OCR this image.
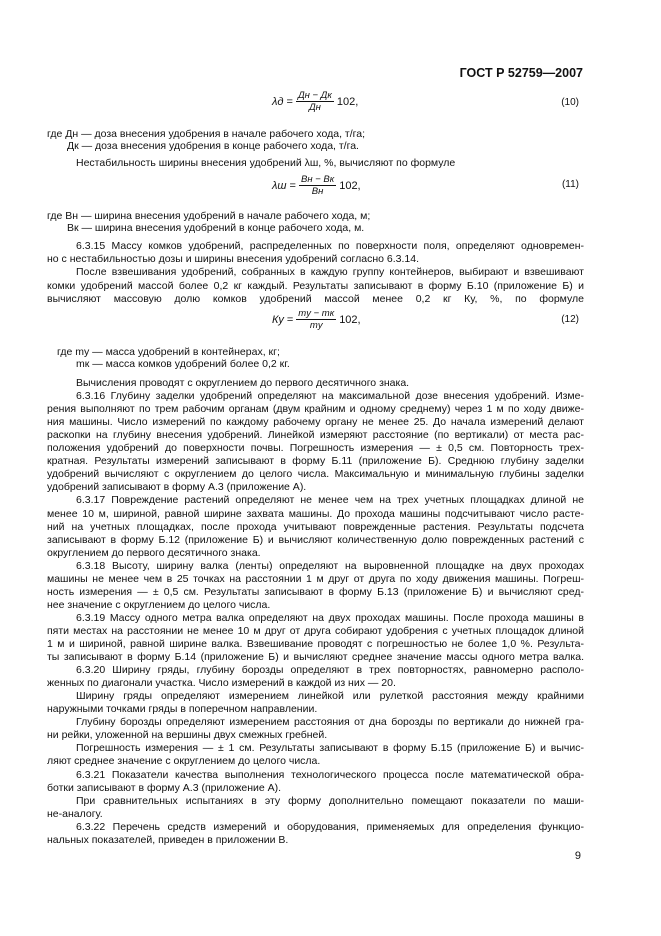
ГОСТ Р 52759—2007
$\lambda д = \frac{Дн - Дк}{Дн} 102$,	(10)
где Дн — доза внесения удобрения в начале рабочего хода, т/га;
Дк — доза внесения удобрения в конце рабочего хода, т/га.
Нестабильность ширины внесения удобрений λш, %, вычисляют по формуле
$\lambda ш = \frac{Вн - Вк}{Вн} 102$,	(11)
где Вн — ширина внесения удобрений в начале рабочего хода, м;
Вк — ширина внесения удобрений в конце рабочего хода, м.
6.3.15 Массу комков удобрений, распределенных по поверхности поля, определяют одновремен-
но с нестабильностью дозы и ширины внесения удобрений согласно 6.3.14.
После взвешивания удобрений, собранных в каждую группу контейнеров, выбирают и взвешивают
комки удобрений массой более 0,2 кг каждый. Результаты записывают в форму Б.10 (приложение Б) и
вычисляют массовую долю комков удобрений массой менее 0,2 кг Ку, %, по формуле
Ку = $\frac{mу - mк}{mу} 102$,	(12)
где mу — масса удобрений в контейнерах, кг;
mк — масса комков удобрений более 0,2 кг.
Вычисления проводят с округлением до первого десятичного знака.
6.3.16 Глубину заделки удобрений определяют на максимальной дозе внесения удобрений. Изме-
рения выполняют по трем рабочим органам (двум крайним и одному среднему) через 1 м по ходу движе-
ния машины. Число измерений по каждому рабочему органу не менее 25. До начала измерений делают
раскопки на глубину внесения удобрений. Линейкой измеряют расстояние (по вертикали) от места рас-
положения удобрений до поверхности почвы. Погрешность измерения — ± 0,5 см. Повторность трех-
кратная. Результаты измерений записывают в форму Б.11 (приложение Б). Среднюю глубину заделки
удобрений вычисляют с округлением до целого числа. Максимальную и минимальную глубины заделки
удобрений записывают в форму А.3 (приложение А).
6.3.17 Повреждение растений определяют не менее чем на трех учетных площадках длиной не
менее 10 м, шириной, равной ширине захвата машины. До прохода машины подсчитывают число расте-
ний на учетных площадках, после прохода учитывают поврежденные растения. Результаты подсчета
записывают в форму Б.12 (приложение Б) и вычисляют количественную долю поврежденных растений с
округлением до первого десятичного знака.
6.3.18 Высоту, ширину валка (ленты) определяют на выровненной площадке на двух проходах
машины не менее чем в 25 точках на расстоянии 1 м друг от друга по ходу движения машины. Погреш-
ность измерения — ± 0,5 см. Результаты записывают в форму Б.13 (приложение Б) и вычисляют сред-
нее значение с округлением до целого числа.
6.3.19 Массу одного метра валка определяют на двух проходах машины. После прохода машины в
пяти местах на расстоянии не менее 10 м друг от друга собирают удобрения с учетных площадок длиной
1 м и шириной, равной ширине валка. Взвешивание проводят с погрешностью не более 1,0 %. Результа-
ты записывают в форму Б.14 (приложение Б) и вычисляют среднее значение массы одного метра валка.
6.3.20 Ширину гряды, глубину борозды определяют в трех повторностях, равномерно располо-
женных по диагонали участка. Число измерений в каждой из них — 20.
Ширину гряды определяют измерением линейкой или рулеткой расстояния между крайними
наружными точками гряды в поперечном направлении.
Глубину борозды определяют измерением расстояния от дна борозды по вертикали до нижней гра-
ни рейки, уложенной на вершины двух смежных гребней.
Погрешность измерения — ± 1 см. Результаты записывают в форму Б.15 (приложение Б) и вычис-
ляют среднее значение с округлением до целого числа.
6.3.21 Показатели качества выполнения технологического процесса после математической обра-
ботки записывают в форму А.3 (приложение А).
При сравнительных испытаниях в эту форму дополнительно помещают показатели по маши-
не-аналогу.
6.3.22 Перечень средств измерений и оборудования, применяемых для определения функцио-
нальных показателей, приведен в приложении В.
9
